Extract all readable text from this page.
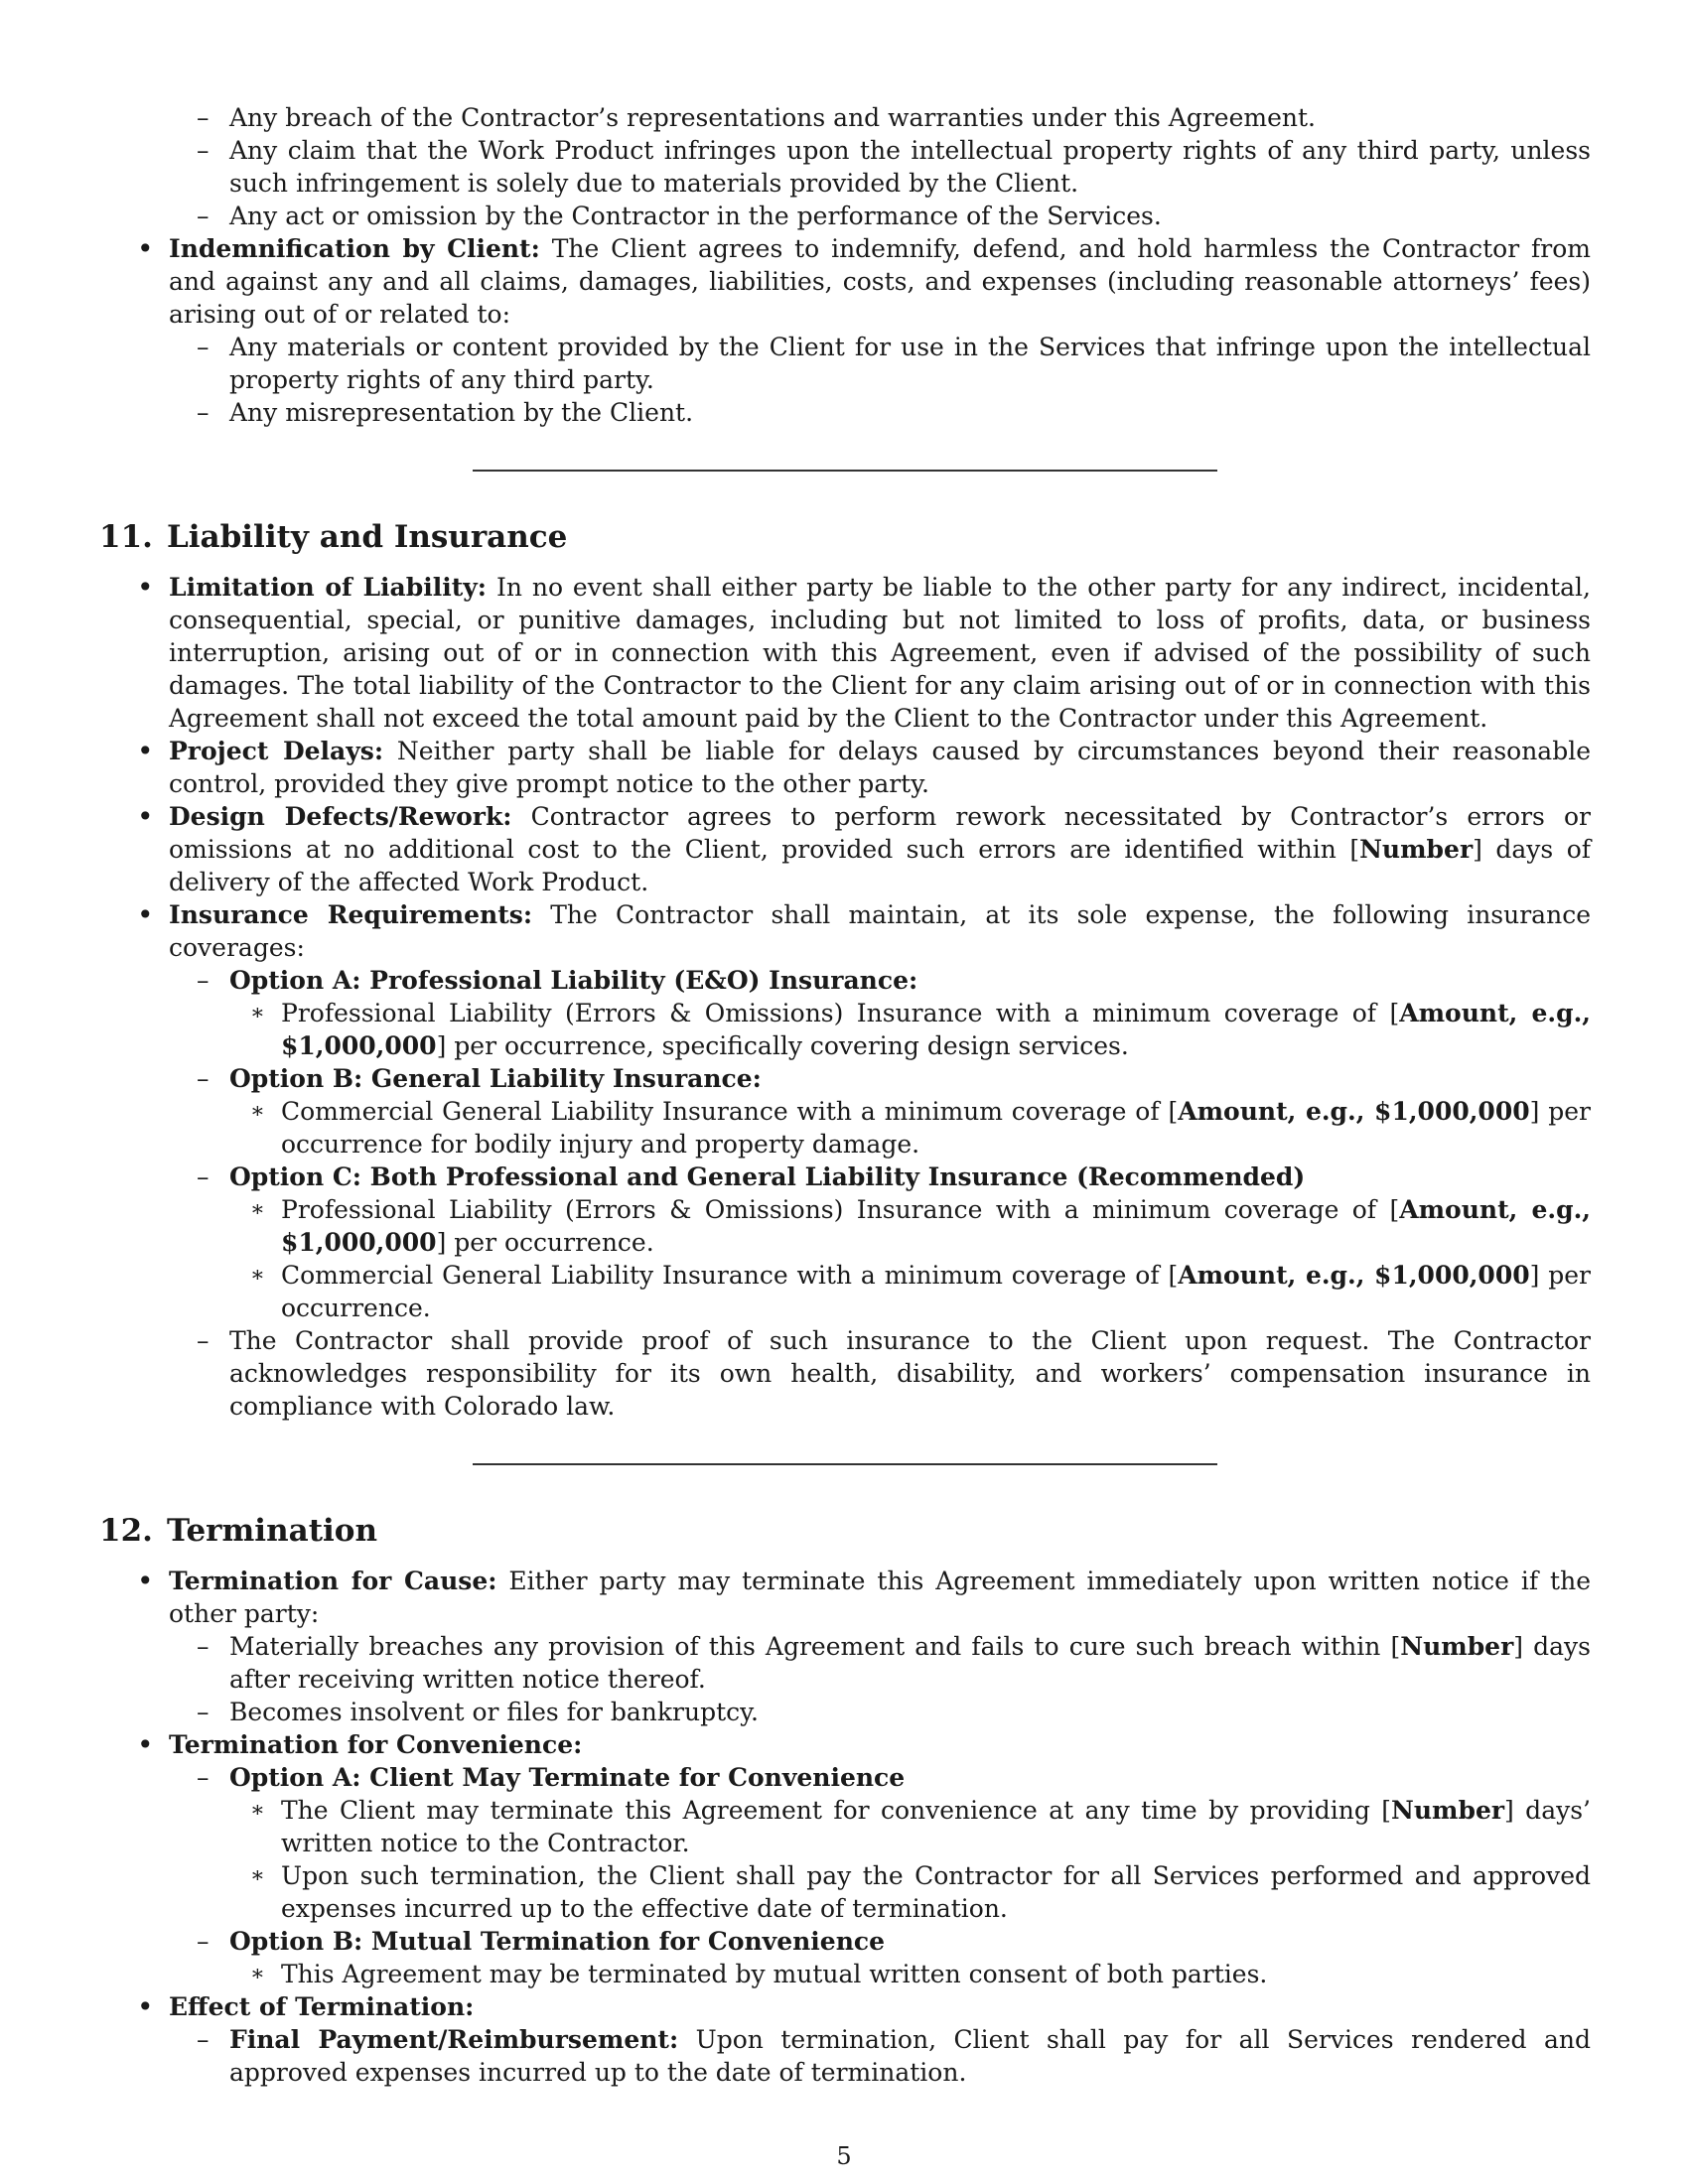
– Any breach of the Contractor’s representations and warranties under this Agreement.
– Any claim that the Work Product infringes upon the intellectual property rights of any third party, unless such infringement is solely due to materials provided by the Client.
– Any act or omission by the Contractor in the performance of the Services.
• Indemnification by Client: The Client agrees to indemnify, defend, and hold harmless the Contractor from and against any and all claims, damages, liabilities, costs, and expenses (including reasonable attorneys’ fees) arising out of or related to:
– Any materials or content provided by the Client for use in the Services that infringe upon the intellectual property rights of any third party.
– Any misrepresentation by the Client.
11. Liability and Insurance
• Limitation of Liability: In no event shall either party be liable to the other party for any indirect, incidental, consequential, special, or punitive damages, including but not limited to loss of profits, data, or business interruption, arising out of or in connection with this Agreement, even if advised of the possibility of such damages. The total liability of the Contractor to the Client for any claim arising out of or in connection with this Agreement shall not exceed the total amount paid by the Client to the Contractor under this Agreement.
• Project Delays: Neither party shall be liable for delays caused by circumstances beyond their reasonable control, provided they give prompt notice to the other party.
• Design Defects/Rework: Contractor agrees to perform rework necessitated by Contractor’s errors or omissions at no additional cost to the Client, provided such errors are identified within [Number] days of delivery of the affected Work Product.
• Insurance Requirements: The Contractor shall maintain, at its sole expense, the following insurance coverages:
– Option A: Professional Liability (E&O) Insurance:
∗ Professional Liability (Errors & Omissions) Insurance with a minimum coverage of [Amount, e.g., $1,000,000] per occurrence, specifically covering design services.
– Option B: General Liability Insurance:
∗ Commercial General Liability Insurance with a minimum coverage of [Amount, e.g., $1,000,000] per occurrence for bodily injury and property damage.
– Option C: Both Professional and General Liability Insurance (Recommended)
∗ Professional Liability (Errors & Omissions) Insurance with a minimum coverage of [Amount, e.g., $1,000,000] per occurrence.
∗ Commercial General Liability Insurance with a minimum coverage of [Amount, e.g., $1,000,000] per occurrence.
– The Contractor shall provide proof of such insurance to the Client upon request. The Contractor acknowledges responsibility for its own health, disability, and workers’ compensation insurance in compliance with Colorado law.
12. Termination
• Termination for Cause: Either party may terminate this Agreement immediately upon written notice if the other party:
– Materially breaches any provision of this Agreement and fails to cure such breach within [Number] days after receiving written notice thereof.
– Becomes insolvent or files for bankruptcy.
• Termination for Convenience:
– Option A: Client May Terminate for Convenience
∗ The Client may terminate this Agreement for convenience at any time by providing [Number] days’ written notice to the Contractor.
∗ Upon such termination, the Client shall pay the Contractor for all Services performed and approved expenses incurred up to the effective date of termination.
– Option B: Mutual Termination for Convenience
∗ This Agreement may be terminated by mutual written consent of both parties.
• Effect of Termination:
– Final Payment/Reimbursement: Upon termination, Client shall pay for all Services rendered and approved expenses incurred up to the date of termination.
5
